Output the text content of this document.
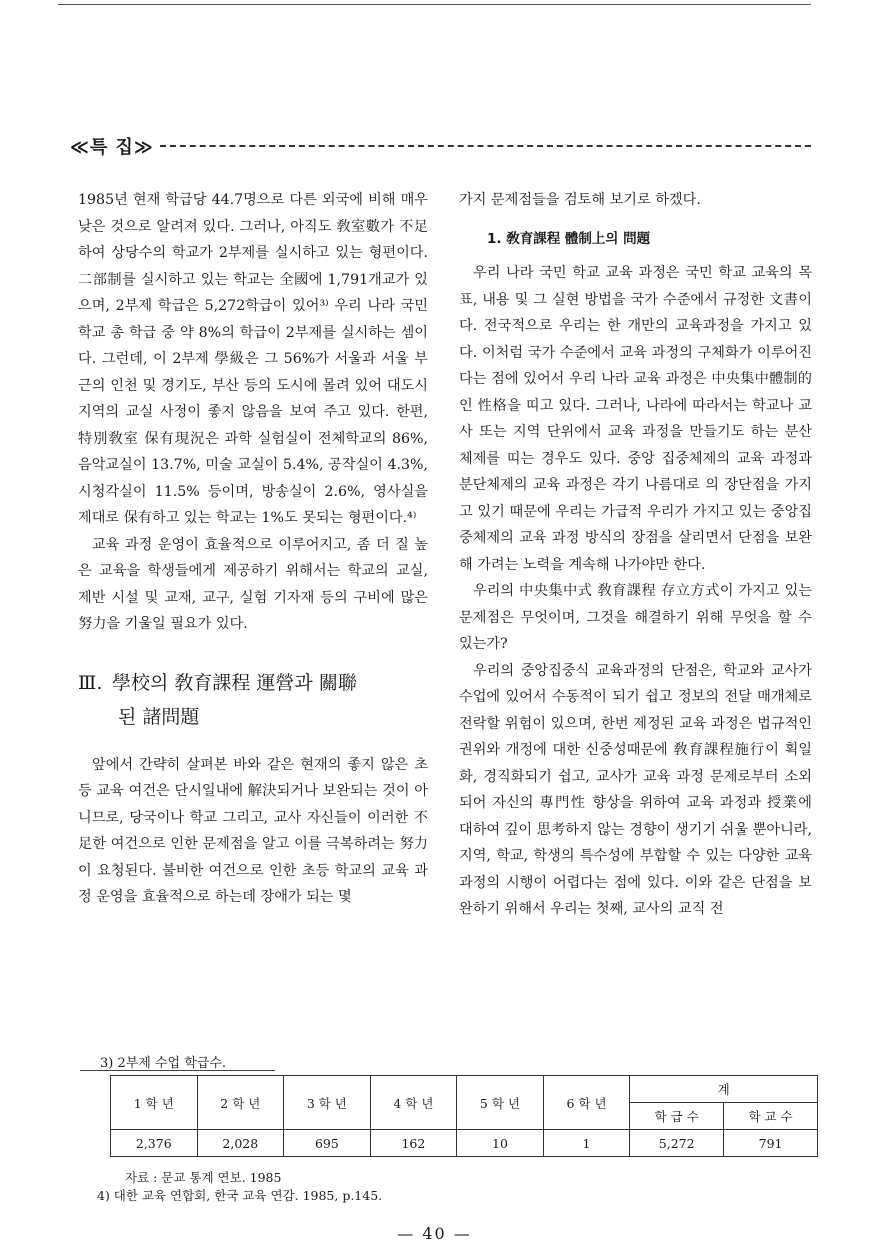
≪특 집≫

1985년 현재 학급당 44.7명으로 다른 외국에 비해 매우 낮은 것으로 알려져 있다. 그러나, 아직도 敎室數가 不足하여 상당수의 학교가 2부제를 실시하고 있는 형편이다. 二部制를 실시하고 있는 학교는 全國에 1,791개교가 있으며, 2부제 학급은 5,272학급이 있어³⁾ 우리 나라 국민 학교 총 학급 중 약 8%의 학급이 2부제를 실시하는 셈이다. 그런데, 이 2부제 學級은 그 56%가 서울과 서울 부근의 인천 및 경기도, 부산 등의 도시에 몰려 있어 대도시 지역의 교실 사정이 좋지 않음을 보여 주고 있다. 한편, 特別敎室 保有現況은 과학 실험실이 전체학교의 86%, 음악교실이 13.7%, 미술 교실이 5.4%, 공작실이 4.3%, 시청각실이 11.5% 등이며, 방송실이 2.6%, 영사실을 제대로 保有하고 있는 학교는 1%도 못되는 형편이다.⁴⁾

교육 과정 운영이 효율적으로 이루어지고, 좀 더 질 높은 교육을 학생들에게 제공하기 위해서는 학교의 교실, 제반 시설 및 교재, 교구, 실험 기자재 등의 구비에 많은 努力을 기울일 필요가 있다.

Ⅲ. 學校의 敎育課程 運營과 關聯
된 諸問題

앞에서 간략히 살펴본 바와 같은 현재의 좋지 않은 초등 교육 여건은 단시일내에 解決되거나 보완되는 것이 아니므로, 당국이나 학교 그리고, 교사 자신들이 이러한 不足한 여건으로 인한 문제점을 알고 이를 극복하려는 努力이 요청된다. 불비한 여건으로 인한 초등 학교의 교육 과정 운영을 효율적으로 하는데 장애가 되는 몇

가지 문제점들을 검토해 보기로 하겠다.

1. 敎育課程 體制上의 問題

우리 나라 국민 학교 교육 과정은 국민 학교 교육의 목표, 내용 및 그 실현 방법을 국가 수준에서 규정한 文書이다. 전국적으로 우리는 한 개만의 교육과정을 가지고 있다. 이처럼 국가 수준에서 교육 과정의 구체화가 이루어진다는 점에 있어서 우리 나라 교육 과정은 中央集中體制的인 性格을 띠고 있다. 그러나, 나라에 따라서는 학교나 교사 또는 지역 단위에서 교육 과정을 만들기도 하는 분산 체제를 띠는 경우도 있다. 중앙 집중체제의 교육 과정과 분단체제의 교육 과정은 각기 나름대로 의 장단점을 가지고 있기 때문에 우리는 가급적 우리가 가지고 있는 중앙집중체제의 교육 과정 방식의 장점을 살리면서 단점을 보완해 가려는 노력을 계속해 나가야만 한다.

우리의 中央集中式 敎育課程 存立方式이 가지고 있는 문제점은 무엇이며, 그것을 해결하기 위해 무엇을 할 수 있는가?

우리의 중앙집중식 교육과정의 단점은, 학교와 교사가 수업에 있어서 수동적이 되기 쉽고 정보의 전달 매개체로 전락할 위험이 있으며, 한번 제정된 교육 과정은 법규적인 권위와 개정에 대한 신중성때문에 敎育課程施行이 획일화, 경직화되기 쉽고, 교사가 교육 과정 문제로부터 소외되어 자신의 專門性 향상을 위하여 교육 과정과 授業에 대하여 깊이 思考하지 않는 경향이 생기기 쉬울 뿐아니라, 지역, 학교, 학생의 특수성에 부합할 수 있는 다양한 교육 과정의 시행이 어렵다는 점에 있다. 이와 같은 단점을 보완하기 위해서 우리는 첫째, 교사의 교직 전

3) 2부제 수업 학급수.
1 학 년	2 학 년	3 학 년	4 학 년	5 학 년	6 학 년	계	
						학 급 수	학 교 수
2,376	2,028	695	162	10	1	5,272	791
자료 : 문교 통계 연보. 1985
4) 대한 교육 연합회, 한국 교육 연감. 1985, p.145.
— 40 —
